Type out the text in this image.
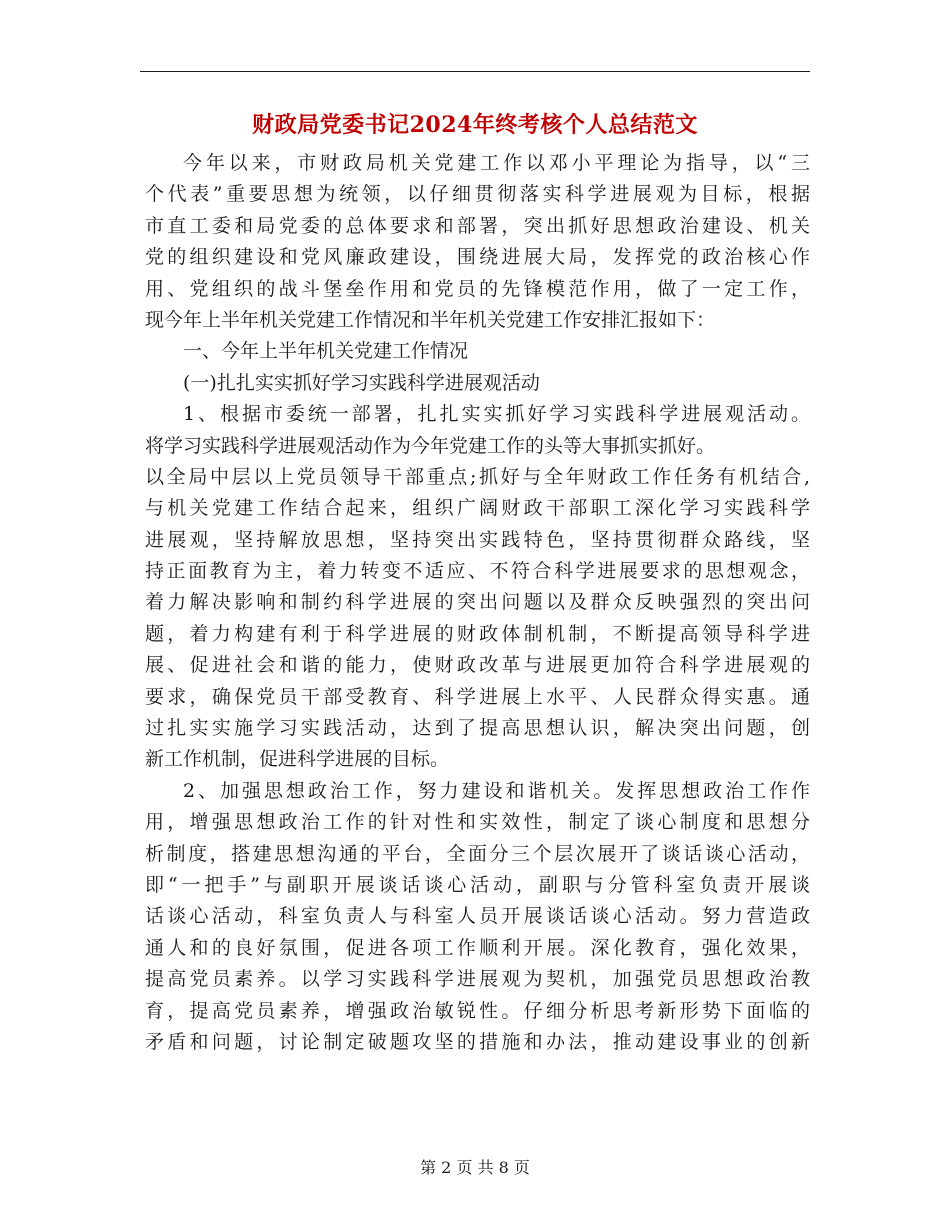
财政局党委书记2024年终考核个人总结范文
今年以来，市财政局机关党建工作以邓小平理论为指导，以“三
个代表”重要思想为统领，以仔细贯彻落实科学进展观为目标，根据
市直工委和局党委的总体要求和部署，突出抓好思想政治建设、机关
党的组织建设和党风廉政建设，围绕进展大局，发挥党的政治核心作
用、党组织的战斗堡垒作用和党员的先锋模范作用，做了一定工作，
现今年上半年机关党建工作情况和半年机关党建工作安排汇报如下：
一、今年上半年机关党建工作情况
(一)扎扎实实抓好学习实践科学进展观活动
1、根据市委统一部署，扎扎实实抓好学习实践科学进展观活动。
将学习实践科学进展观活动作为今年党建工作的头等大事抓实抓好。
以全局中层以上党员领导干部重点;抓好与全年财政工作任务有机结合,
与机关党建工作结合起来，组织广阔财政干部职工深化学习实践科学
进展观，坚持解放思想，坚持突出实践特色，坚持贯彻群众路线，坚
持正面教育为主，着力转变不适应、不符合科学进展要求的思想观念，
着力解决影响和制约科学进展的突出问题以及群众反映强烈的突出问
题，着力构建有利于科学进展的财政体制机制，不断提高领导科学进
展、促进社会和谐的能力，使财政改革与进展更加符合科学进展观的
要求，确保党员干部受教育、科学进展上水平、人民群众得实惠。通
过扎实实施学习实践活动，达到了提高思想认识，解决突出问题，创
新工作机制，促进科学进展的目标。
2、加强思想政治工作，努力建设和谐机关。发挥思想政治工作作
用，增强思想政治工作的针对性和实效性，制定了谈心制度和思想分
析制度，搭建思想沟通的平台，全面分三个层次展开了谈话谈心活动，
即“一把手”与副职开展谈话谈心活动，副职与分管科室负责开展谈
话谈心活动，科室负责人与科室人员开展谈话谈心活动。努力营造政
通人和的良好氛围，促进各项工作顺利开展。深化教育，强化效果，
提高党员素养。以学习实践科学进展观为契机，加强党员思想政治教
育，提高党员素养，增强政治敏锐性。仔细分析思考新形势下面临的
矛盾和问题，讨论制定破题攻坚的措施和办法，推动建设事业的创新
第 2 页 共 8 页
